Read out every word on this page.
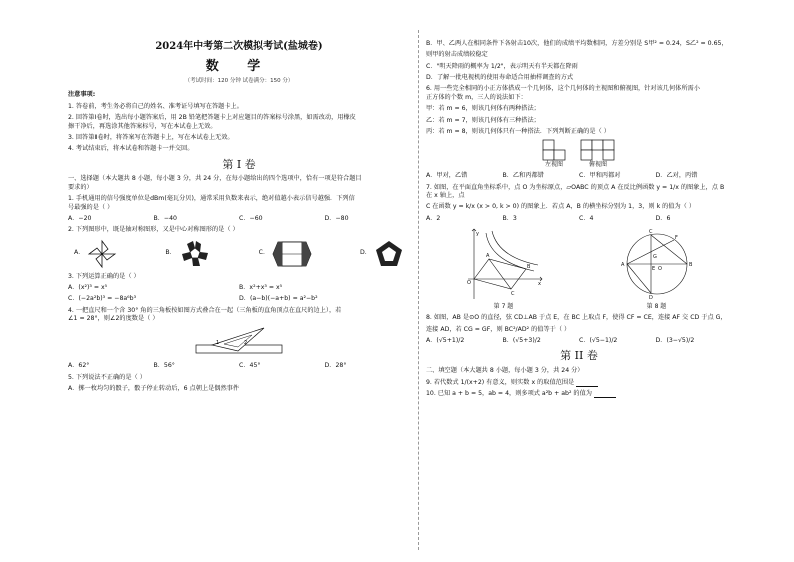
2024年中考第二次模拟考试(盐城卷)
数 学
（考试时间：120 分钟 试卷满分：150 分）
注意事项:
1. 答卷前，考生务必将自己的姓名、准考证号填写在答题卡上。
2. 回答第Ⅰ卷时，选出每小题答案后，用 2B 铅笔把答题卡上对应题目的答案标号涂黑，如需改动，用橡皮
擦干净后，再选涂其他答案标号，写在本试卷上无效。
3. 回答第Ⅱ卷时，将答案写在答题卡上，写在本试卷上无效。
4. 考试结束后，将本试卷和答题卡一并交回。
第 I 卷
一、选择题（本大题共 8 小题，每小题 3 分，共 24 分，在每小题给出的四个选项中，恰有一项是符合题目
要求的）
1. 手机通用的信号强度单位是dBm(毫瓦分贝)，通常采用负数来表示，绝对值越小表示信号越强．下列信
号最强的是（ ）
A．−20	B．−40	C．−60	D．−80
2. 下列图形中，既是轴对称图形，又是中心对称图形的是（ ）
A．	B．	C．	D．
3. 下列运算正确的是（ ）
A．(x²)³ = x⁵	B．x²+x³ = x⁵
C．(−2a²b)³ = −8a⁶b³	D．(a−b)(−a+b) = a²−b²
4. 一把直尺和一个含 30° 角的三角板按如图方式叠合在一起（三角板的直角顶点在直尺的边上），若
∠1 = 28°，则∠2的度数是（ ）
2
1
A．62°	B．56°	C．45°	D．28°
5. 下列说法不正确的是（ ）
A．掷一枚均匀的骰子，骰子停止转动后，6 点朝上是偶然事件
B．甲、乙两人在相同条件下各射击10次，他们的成绩平均数相同，方差分别是 S甲² = 0.24，S乙² = 0.65，
则甲的射击成绩较稳定
C．"明天降雨的概率为 1/2"，表示明天有半天都在降雨
D．了解一批电视机的使用寿命适合用抽样调查的方式
6. 用一些完全相同的小正方体搭成一个几何体，这个几何体的主视图和俯视图，针对该几何体所需小
正方体的个数 m，三人的说法如下：
甲：若 m = 6，则该几何体有两种搭法；
乙：若 m = 7，则该几何体有三种搭法；
丙：若 m = 8，则该几何体只有一种搭法．下列判断正确的是（ ）
左视图	俯视图
A．甲对，乙错	B．乙和丙都错	C．甲和丙都对	D．乙对，丙错
7. 如图，在平面直角坐标系中，点 O 为坐标原点，▱OABC 的顶点 A 在反比例函数 y = 1/x 的图象上，点 B 在 x 轴上，点
C 在函数 y = k/x (x > 0, k > 0) 的图象上．若点 A，B 的横坐标分别为 1，3，则 k 的值为（ ）
A．2	B．3	C．4	D．6
y
x
O
A
B
C
第 7 题
C
F
A	B
G
E O
D
第 8 题
8. 如图，AB 是⊙O 的直径，弦 CD⊥AB 于点 E，在 BC 上取点 F，使得 CF = CE，连接 AF 交 CD 于点 G，
连接 AD，若 CG = GF，则 BC²/AD² 的值等于（ ）
A．(√5+1)/2	B．(√5+3)/2	C．(√5−1)/2	D．(3−√5)/2
第 II 卷
二、填空题（本大题共 8 小题，每小题 3 分，共 24 分）
9. 若代数式 1/(x+2) 有意义，则实数 x 的取值范围是
10. 已知 a + b = 5，ab = 4，则多项式 a²b + ab² 的值为
